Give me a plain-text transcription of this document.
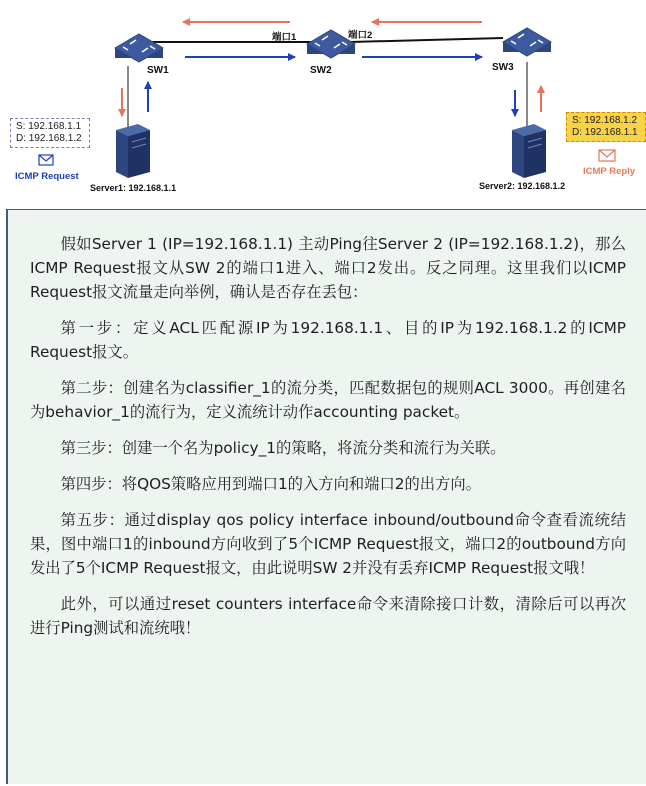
SW1	SW2	SW3
端口1	端口2
Server1: 192.168.1.1	Server2: 192.168.1.2
S: 192.168.1.1
D: 192.168.1.2
ICMP Request
S: 192.168.1.2
D: 192.168.1.1
ICMP Reply

假如Server 1 (IP=192.168.1.1) 主动Ping往Server 2 (IP=192.168.1.2)，那么ICMP Request报文从SW 2的端口1进入、端口2发出。反之同理。这里我们以ICMP Request报文流量走向举例，确认是否存在丢包：

第一步：定义ACL匹配源IP为192.168.1.1、目的IP为192.168.1.2的ICMP Request报文。

第二步：创建名为classifier_1的流分类，匹配数据包的规则ACL 3000。再创建名为behavior_1的流行为，定义流统计动作accounting packet。

第三步：创建一个名为policy_1的策略，将流分类和流行为关联。

第四步：将QOS策略应用到端口1的入方向和端口2的出方向。

第五步：通过display qos policy interface inbound/outbound命令查看流统结果，图中端口1的inbound方向收到了5个ICMP Request报文，端口2的outbound方向发出了5个ICMP Request报文，由此说明SW 2并没有丢弃ICMP Request报文哦！

此外，可以通过reset counters interface命令来清除接口计数，清除后可以再次进行Ping测试和流统哦！
